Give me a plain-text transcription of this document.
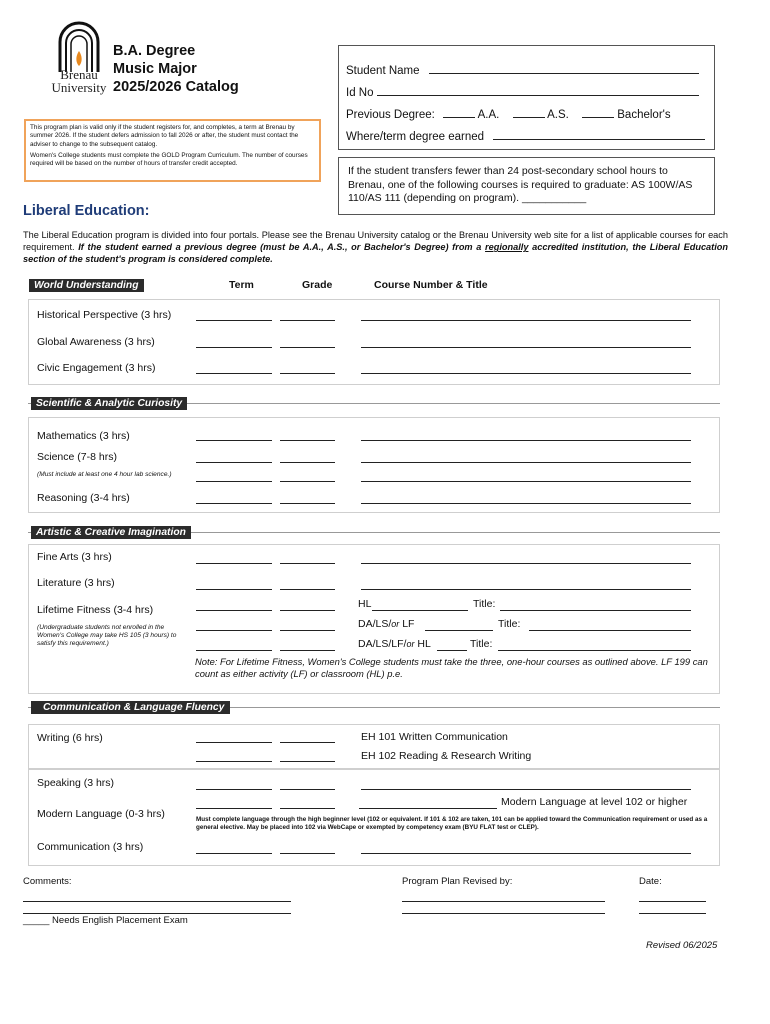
Brenau
University
B.A. Degree
Music Major
2025/2026 Catalog

This program plan is valid only if the student registers for, and completes, a term at Brenau by summer 2026. If the student defers admission to fall 2026 or after, the student must contact the adviser to change to the subsequent catalog.

Women's College students must complete the GOLD Program Curriculum. The number of courses required will be based on the number of hours of transfer credit accepted.

Student Name
Id No
Previous Degree:	A.A.	A.S.	Bachelor's
Where/term degree earned
If the student transfers fewer than 24 post-secondary school hours to Brenau, one of the following courses is required to graduate: AS 100W/AS 110/AS 111 (depending on program). ___________
Liberal Education:
The Liberal Education program is divided into four portals. Please see the Brenau University catalog or the Brenau University web site for a list of applicable courses for each requirement. If the student earned a previous degree (must be A.A., A.S., or Bachelor's Degree) from a regionally accredited institution, the Liberal Education section of the student's program is considered complete.
World Understanding	Term	Grade	Course Number & Title
Historical Perspective (3 hrs)
Global Awareness (3 hrs)
Civic Engagement (3 hrs)
Scientific & Analytic Curiosity
Mathematics (3 hrs)
Science (7-8 hrs)
(Must include at least one 4 hour lab science.)
Reasoning (3-4 hrs)
Artistic & Creative Imagination
Fine Arts (3 hrs)
Literature (3 hrs)
Lifetime Fitness (3-4 hrs)
(Undergraduate students not enrolled in the Women's College may take HS 105 (3 hours) to satisfy this requirement.)
HL	Title:
DA/LS/or LF	Title:
DA/LS/LF/or HL	Title:
Note: For Lifetime Fitness, Women's College students must take the three, one-hour courses as outlined above. LF 199 can count as either activity (LF) or classroom (HL) p.e.
Communication & Language Fluency
Writing (6 hrs)	EH 101 Written Communication
EH 102 Reading & Research Writing
Speaking (3 hrs)
Modern Language (0-3 hrs)
Modern Language at level 102 or higher
Must complete language through the high beginner level (102 or equivalent. If 101 & 102 are taken, 101 can be applied toward the Communication requirement or used as a general elective. May be placed into 102 via WebCape or exempted by competency exam (BYU FLAT test or CLEP).
Communication (3 hrs)
Comments:	Program Plan Revised by:	Date:
_____ Needs English Placement Exam
Revised 06/2025
